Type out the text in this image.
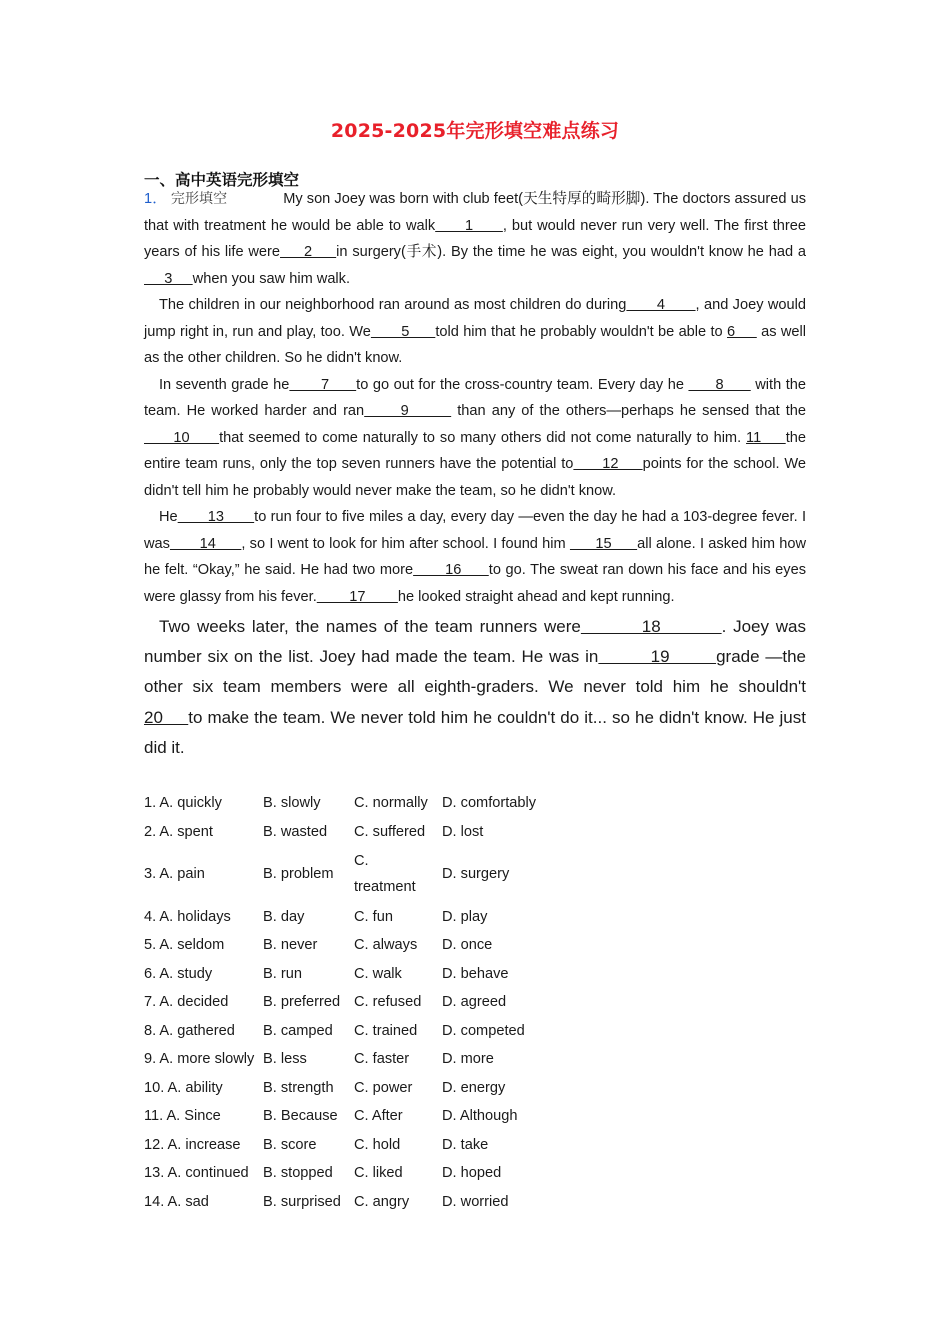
2025-2025年完形填空难点练习
一、高中英语完形填空

1． 完形填空	My son Joey was born with club feet(天生特厚的畸形脚). The doctors assured us that with treatment he would be able to walk      1      , but would never run very well. The first three years of his life were     2     in surgery(手术). By the time he was eight, you wouldn't know he had a      3     when you saw him walk.

The children in our neighborhood ran around as most children do during       4       , and Joey would jump right in, run and play, too. We       5      told him that he probably wouldn't be able to 6      as well as the other children. So he didn't know.

In seventh grade he       7      to go out for the cross-country team. Every day he       8       with the team. He worked harder and ran      9        than any of the others—perhaps he sensed that the      10      that seemed to come naturally to so many others did not come naturally to him. 11     the entire team runs, only the top seven runners have the potential to      12     points for the school. We didn't tell him he probably would never make the team, so he didn't know.

He       13       to run four to five miles a day, every day —even the day he had a 103-degree fever. I was       14      , so I went to look for him after school. I found him       15      all alone. I asked him how he felt. “Okay,” he said. He had two more       16      to go. The sweat ran down his face and his eyes were glassy from his fever.        17        he looked straight ahead and kept running.

Two weeks later, the names of the team runners were         18         . Joey was number six on the list. Joey had made the team. He was in         19        grade —the other six team members were all eighth-graders. We never told him he shouldn't 20     to make the team. We never told him he couldn't do it... so he didn't know. He just did it.

1. A. quickly	B. slowly	C. normally	D. comfortably
2. A. spent	B. wasted	C. suffered	D. lost
3. A. pain	B. problem	C. treatment	D. surgery
4. A. holidays	B. day	C. fun	D. play
5. A. seldom	B. never	C. always	D. once
6. A. study	B. run	C. walk	D. behave
7. A. decided	B. preferred	C. refused	D. agreed
8. A. gathered	B. camped	C. trained	D. competed
9. A. more slowly	B. less	C. faster	D. more
10. A. ability	B. strength	C. power	D. energy
11. A. Since	B. Because	C. After	D. Although
12. A. increase	B. score	C. hold	D. take
13. A. continued	B. stopped	C. liked	D. hoped
14. A. sad	B. surprised	C. angry	D. worried
